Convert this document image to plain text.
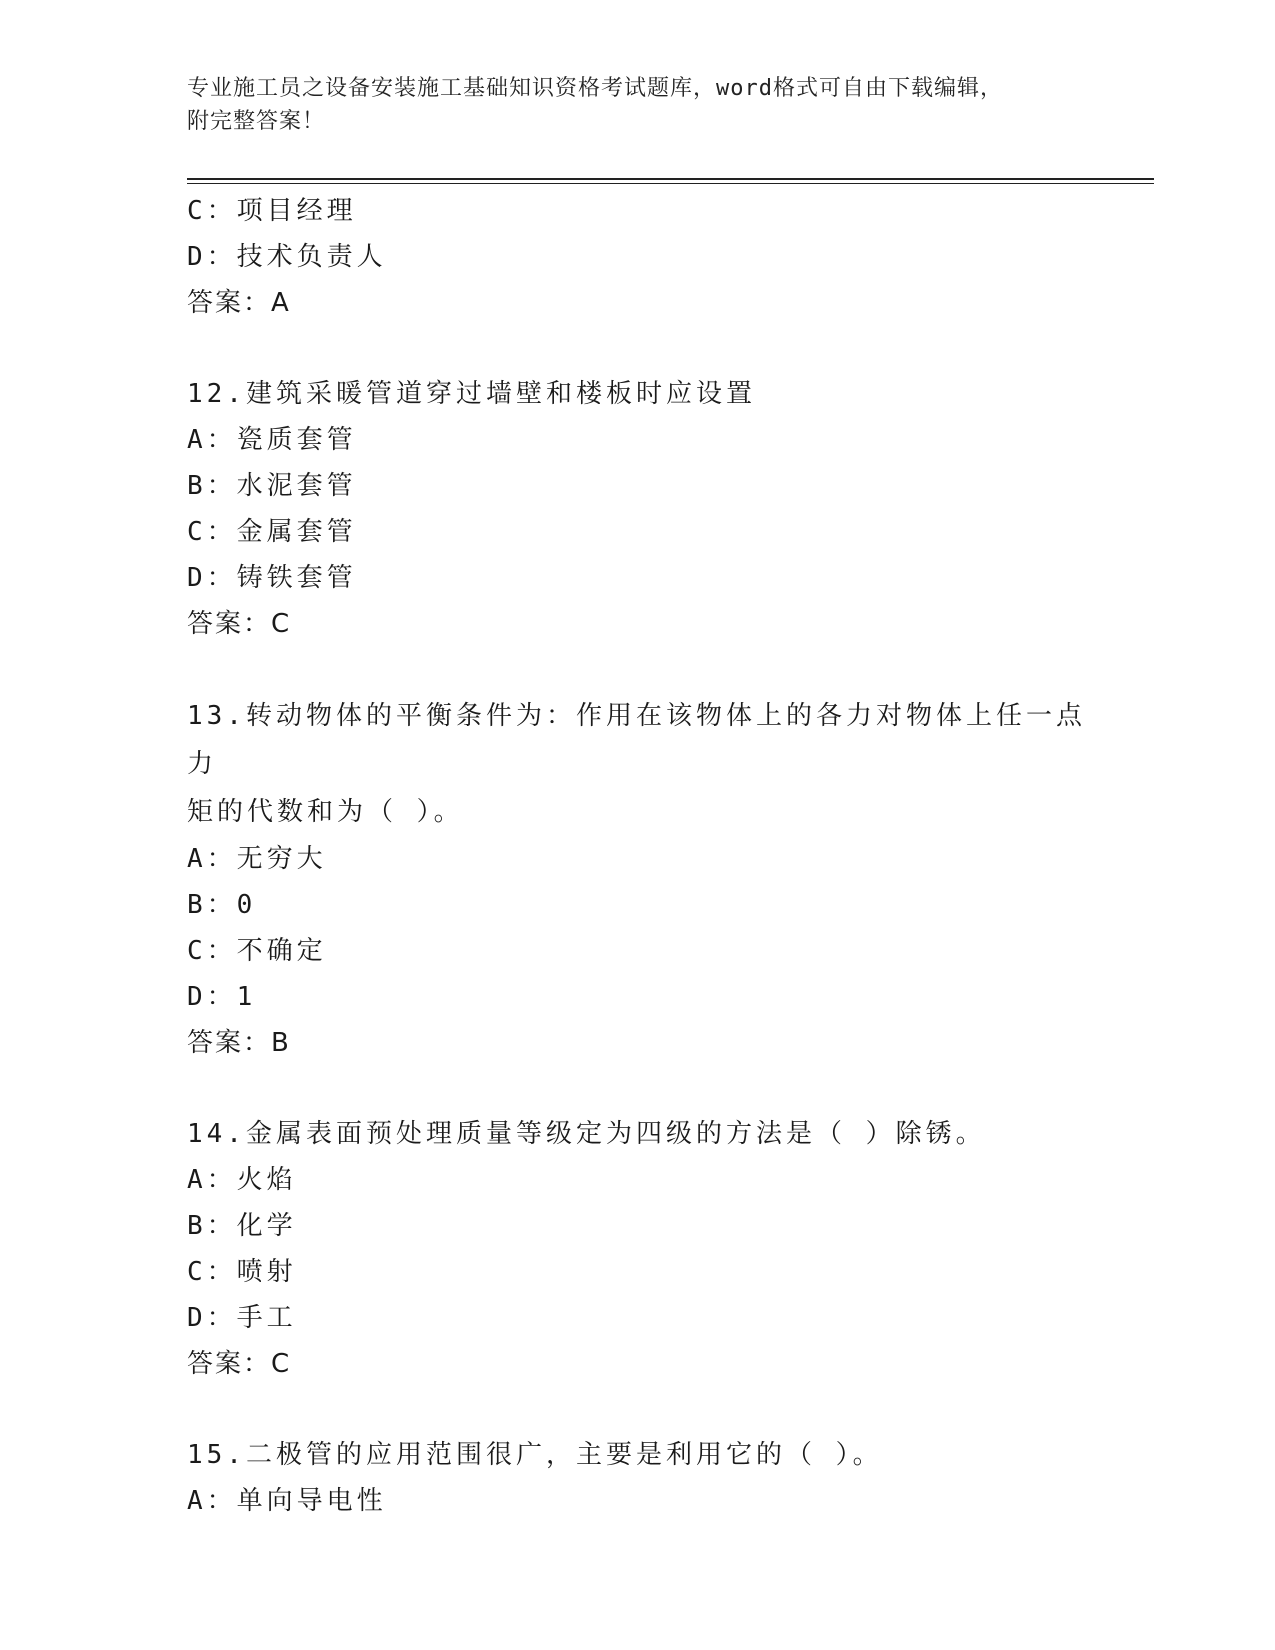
专业施工员之设备安装施工基础知识资格考试题库，word格式可自由下载编辑，
附完整答案！
C：项目经理
D：技术负责人
答案：A
12.建筑采暖管道穿过墙壁和楼板时应设置
A：瓷质套管
B：水泥套管
C：金属套管
D：铸铁套管
答案：C
13.转动物体的平衡条件为：作用在该物体上的各力对物体上任一点力
矩的代数和为（ ）。
A：无穷大
B：0
C：不确定
D：1
答案：B
14.金属表面预处理质量等级定为四级的方法是（ ）除锈。
A：火焰
B：化学
C：喷射
D：手工
答案：C
15.二极管的应用范围很广，主要是利用它的（ ）。
A：单向导电性
